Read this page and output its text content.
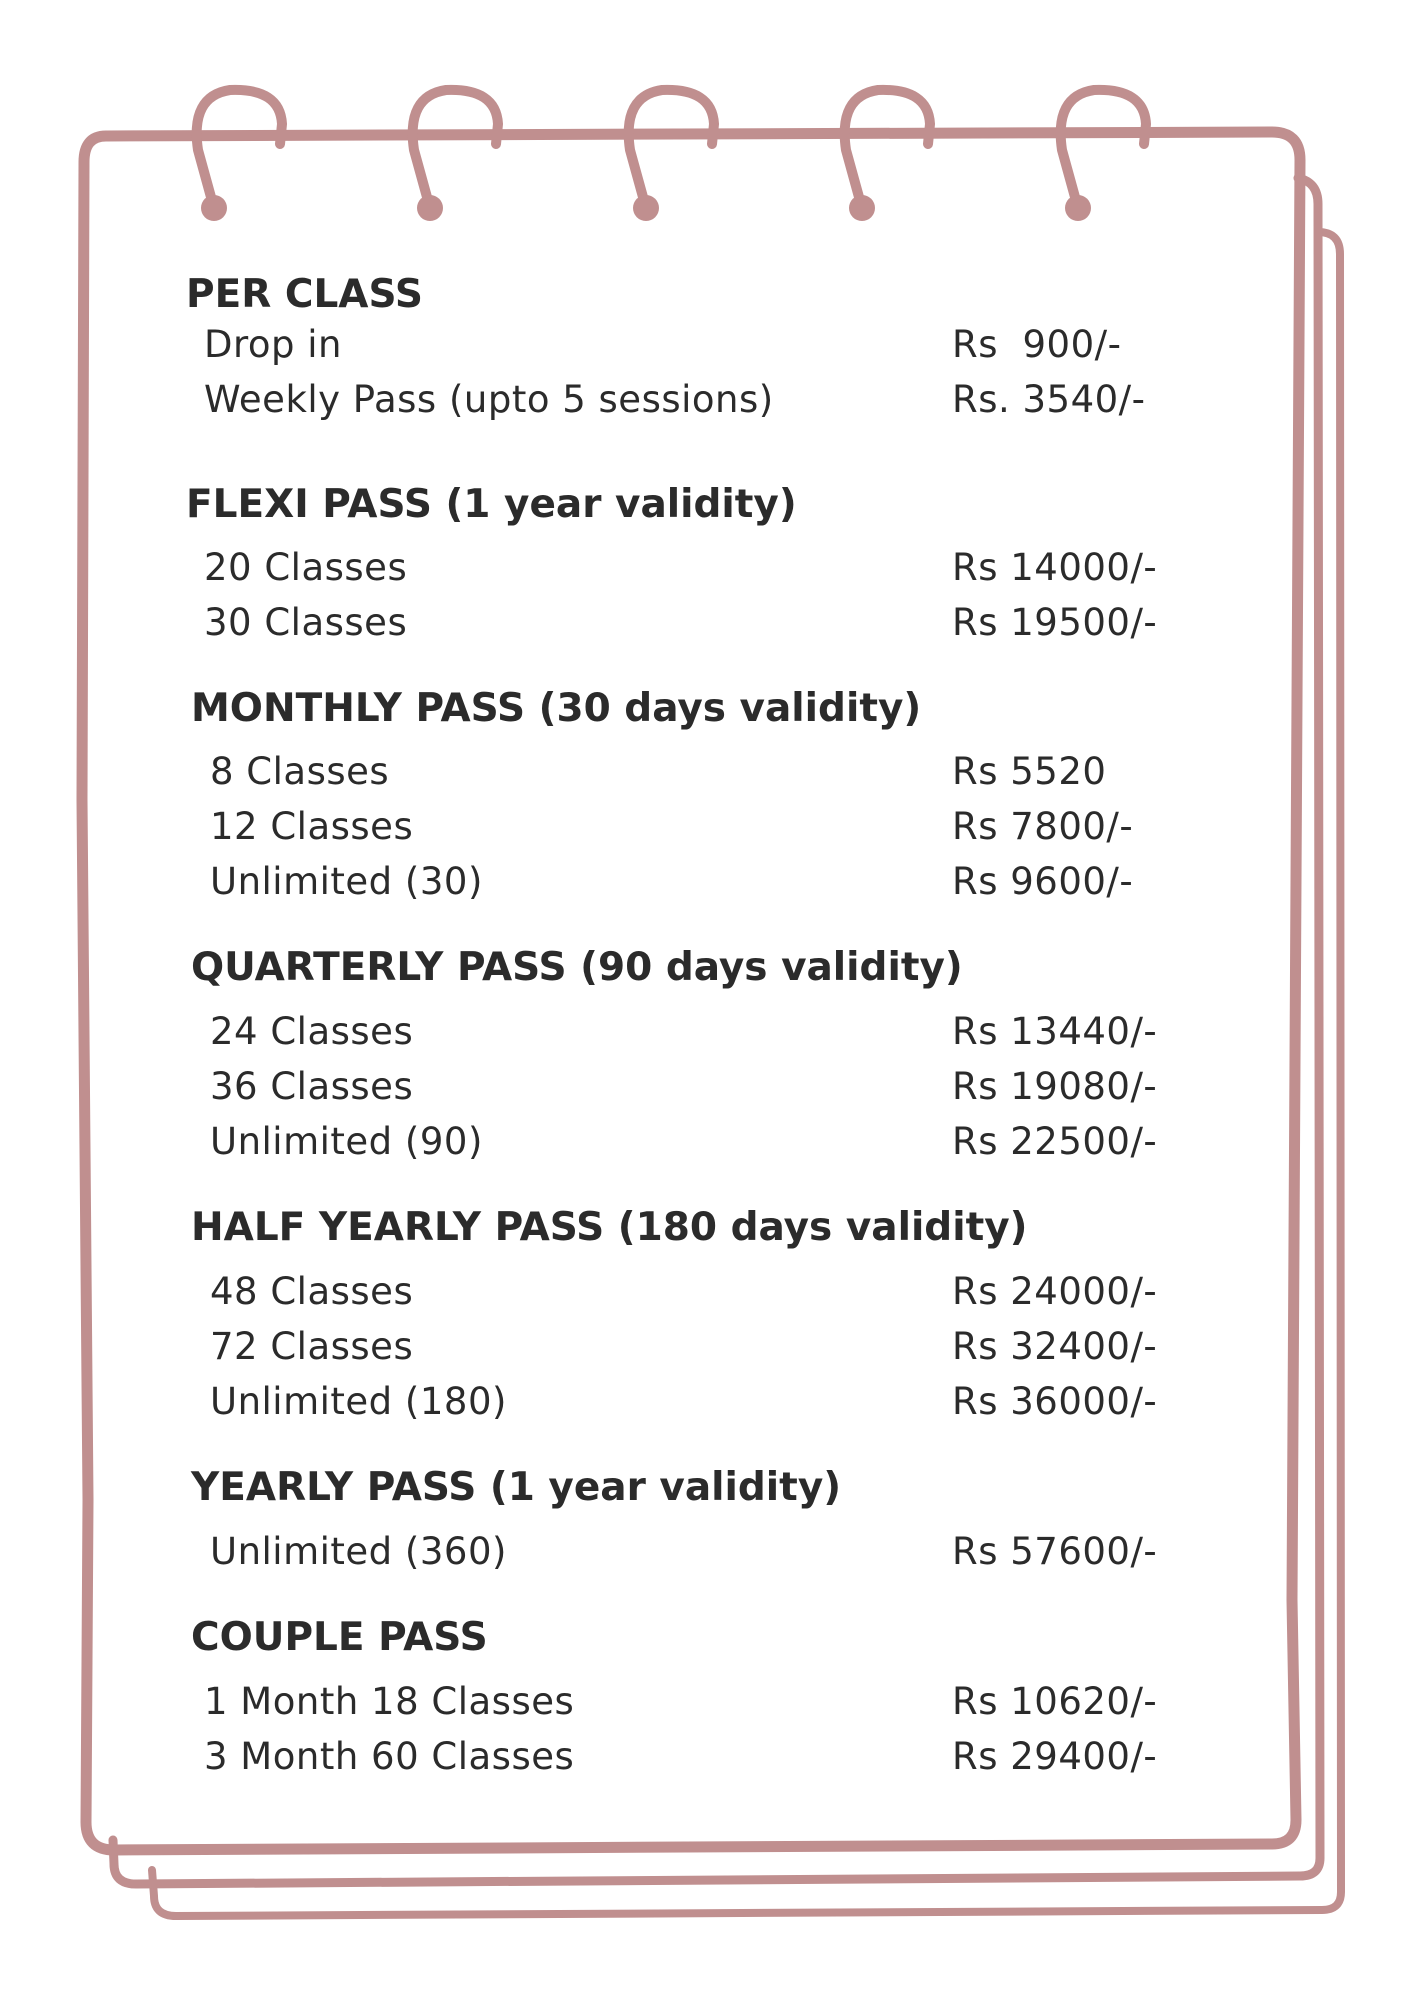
PER CLASS
Drop in	Rs  900/-
Weekly Pass (upto 5 sessions)	Rs. 3540/-
FLEXI PASS (1 year validity)
20 Classes	Rs 14000/-
30 Classes	Rs 19500/-
MONTHLY PASS (30 days validity)
8 Classes	Rs 5520
12 Classes	Rs 7800/-
Unlimited (30)	Rs 9600/-
QUARTERLY PASS (90 days validity)
24 Classes	Rs 13440/-
36 Classes	Rs 19080/-
Unlimited (90)	Rs 22500/-
HALF YEARLY PASS (180 days validity)
48 Classes	Rs 24000/-
72 Classes	Rs 32400/-
Unlimited (180)	Rs 36000/-
YEARLY PASS (1 year validity)
Unlimited (360)	Rs 57600/-
COUPLE PASS
1 Month 18 Classes	Rs 10620/-
3 Month 60 Classes	Rs 29400/-
